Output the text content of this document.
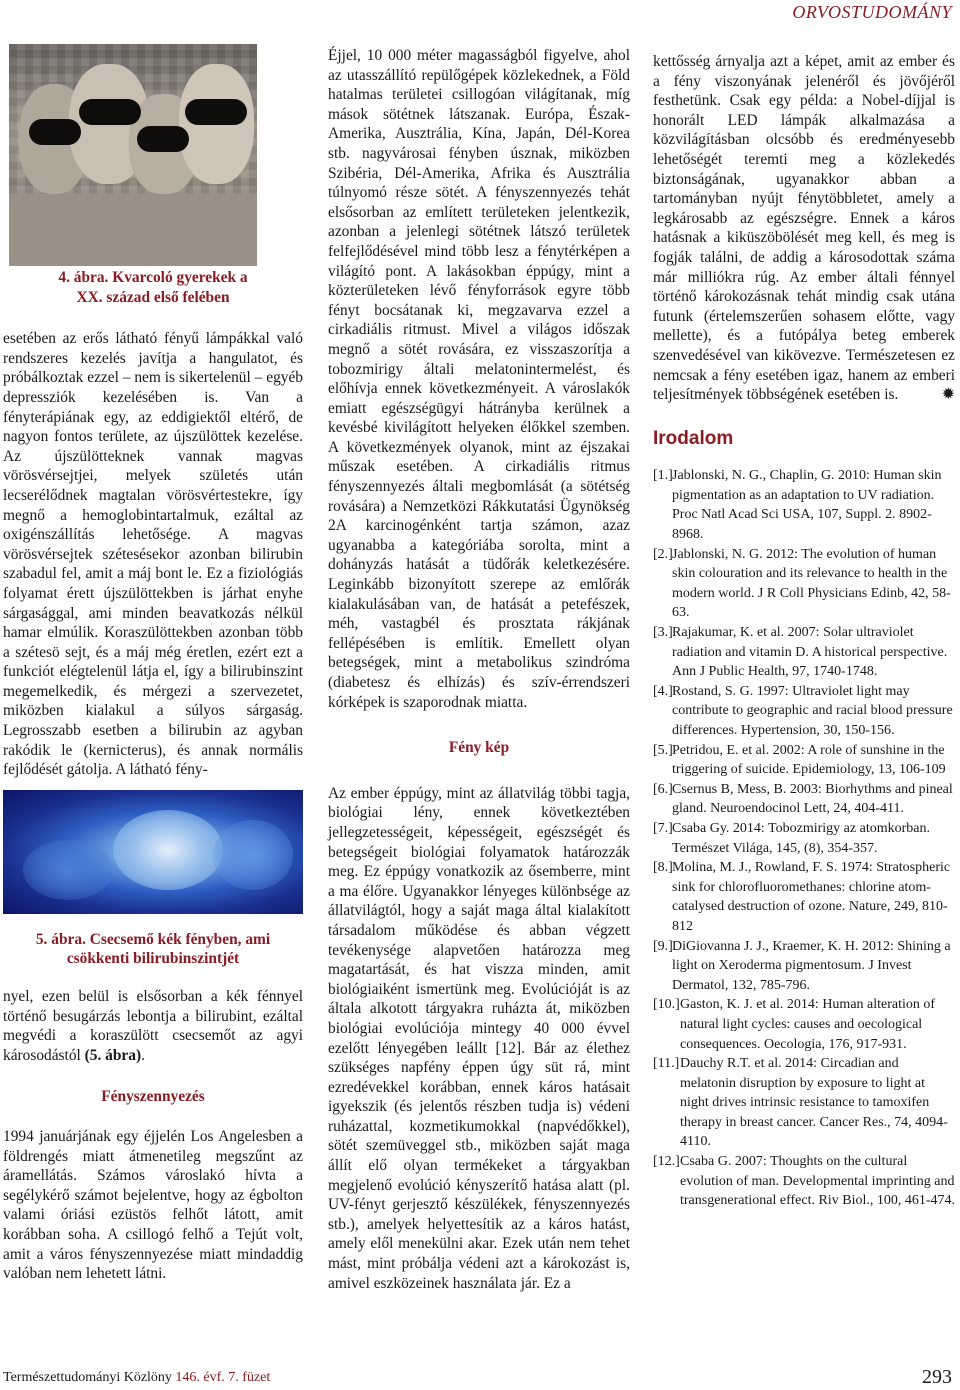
ORVOSTUDOMÁNY
4. ábra. Kvarcoló gyerekek a
XX. század első felében

esetében az erős látható fényű lámpákkal való rendszeres kezelés javítja a hangulatot, és próbálkoztak ezzel – nem is sikertelenül – egyéb depressziók kezelésében is. Van a fényterápiának egy, az eddigiektől eltérő, de nagyon fontos területe, az újszülöttek kezelése. Az újszülötteknek vannak magvas vörösvérsejtjei, melyek születés után lecserélődnek magtalan vörösvértestekre, így megnő a hemoglobintartalmuk, ezáltal az oxigénszállítás lehetősége. A magvas vörösvérsejtek szétesésekor azonban bilirubin szabadul fel, amit a máj bont le. Ez a fiziológiás folyamat érett újszülöttekben is járhat enyhe sárgasággal, ami minden beavatkozás nélkül hamar elmúlik. Koraszülöttekben azonban több a szétesö sejt, és a máj még éretlen, ezért ezt a funkciót elégtelenül látja el, így a bilirubinszint megemelkedik, és mérgezi a szervezetet, miközben kialakul a súlyos sárgaság. Legrosszabb esetben a bilirubin az agyban rakódik le (kernicterus), és annak normális fejlődését gátolja. A látható fény-

5. ábra. Csecsemő kék fényben, ami
csökkenti bilirubinszintjét

nyel, ezen belül is elsősorban a kék fénnyel történő besugárzás lebontja a bilirubint, ezáltal megvédi a koraszülött csecsemőt az agyi károsodástól (5. ábra).

Fényszennyezés

1994 januárjának egy éjjelén Los Angelesben a földrengés miatt átmenetileg megszűnt az áramellátás. Számos városlakó hívta a segélykérő számot bejelentve, hogy az égbolton valami óriási ezüstös felhőt látott, amit korábban soha. A csillogó felhő a Tejút volt, amit a város fényszennyezése miatt mindaddig valóban nem lehetett látni.

Éjjel, 10 000 méter magasságból figyelve, ahol az utasszállító repülőgépek közlekednek, a Föld hatalmas területei csillogóan világítanak, míg mások sötétnek látszanak. Európa, Észak-Amerika, Ausztrália, Kína, Japán, Dél-Korea stb. nagyvárosai fényben úsznak, miközben Szibéria, Dél-Amerika, Afrika és Ausztrália túlnyomó része sötét. A fényszennyezés tehát elsősorban az említett területeken jelentkezik, azonban a jelenlegi sötétnek látszó területek felfejlődésével mind több lesz a fénytérképen a világító pont. A lakásokban éppúgy, mint a közterületeken lévő fényforrások egyre több fényt bocsátanak ki, megzavarva ezzel a cirkadiális ritmust. Mivel a világos időszak megnő a sötét rovására, ez visszaszorítja a tobozmirigy általi melatonintermelést, és előhívja ennek következményeit. A városlakók emiatt egészségügyi hátrányba kerülnek a kevésbé kivilágított helyeken élőkkel szemben. A következmények olyanok, mint az éjszakai műszak esetében. A cirkadiális ritmus fényszennyezés általi megbomlását (a sötétség rovására) a Nemzetközi Rákkutatási Ügynökség 2A karcinogénként tartja számon, azaz ugyanabba a kategóriába sorolta, mint a dohányzás hatását a tüdőrák keletkezésére. Leginkább bizonyított szerepe az emlőrák kialakulásában van, de hatását a petefészek, méh, vastagbél és prosztata rákjának fellépésében is említik. Emellett olyan betegségek, mint a metabolikus szindróma (diabetesz és elhízás) és szív-érrendszeri kórképek is szaporodnak miatta.

Fény kép

Az ember éppúgy, mint az állatvilág többi tagja, biológiai lény, ennek következtében jellegzetességeit, képességeit, egészségét és betegségeit biológiai folyamatok határozzák meg. Ez éppúgy vonatkozik az ősemberre, mint a ma élőre. Ugyanakkor lényeges különbsége az állatvilágtól, hogy a saját maga által kialakított társadalom működése és abban végzett tevékenysége alapvetően határozza meg magatartását, és hat viszza minden, amit biológiaiként ismertünk meg. Evolúcióját is az általa alkotott tárgyakra ruházta át, miközben biológiai evolúciója mintegy 40 000 évvel ezelőtt lényegében leállt [12]. Bár az élethez szükséges napfény éppen úgy süt rá, mint ezredévekkel korábban, ennek káros hatásait igyekszik (és jelentős részben tudja is) védeni ruházattal, kozmetikumokkal (napvédőkkel), sötét szemüveggel stb., miközben saját maga állít elő olyan termékeket a tárgyakban megjelenő evolúció kényszerítő hatása alatt (pl. UV-fényt gerjesztő készülékek, fényszennyezés stb.), amelyek helyettesítik az a káros hatást, amely elől menekülni akar. Ezek után nem tehet mást, mint próbálja védeni azt a károkozást is, amivel eszközeinek használata jár. Ez a

kettősség árnyalja azt a képet, amit az ember és a fény viszonyának jelenéről és jövőjéről festhetünk. Csak egy példa: a Nobel-díjjal is honorált LED lámpák alkalmazása a közvilágításban olcsóbb és eredményesebb lehetőségét teremti meg a közlekedés biztonságának, ugyanakkor abban a tartományban nyújt fénytöbbletet, amely a legkárosabb az egészségre. Ennek a káros hatásnak a kiküszöbölését meg kell, és meg is fogják találni, de addig a károsodottak száma már milliókra rúg. Az ember általi fénnyel történő károkozásnak tehát mindig csak utána futunk (értelemszerűen sohasem előtte, vagy mellette), és a futópálya beteg emberek szenvedésével van kikövezve. Természetesen ez nemcsak a fény esetében igaz, hanem az emberi teljesítmények többségének esetében is.	✹

Irodalom
[1.] Jablonski, N. G., Chaplin, G. 2010: Human skin pigmentation as an adaptation to UV radiation. Proc Natl Acad Sci USA, 107, Suppl. 2. 8902-8968.
[2.] Jablonski, N. G. 2012: The evolution of human skin colouration and its relevance to health in the modern world. J R Coll Physicians Edinb, 42, 58-63.
[3.] Rajakumar, K. et al. 2007: Solar ultraviolet radiation and vitamin D. A historical perspective. Ann J Public Health, 97, 1740-1748.
[4.] Rostand, S. G. 1997: Ultraviolet light may contribute to geographic and racial blood pressure differences. Hypertension, 30, 150-156.
[5.] Petridou, E. et al. 2002: A role of sunshine in the triggering of suicide. Epidemiology, 13, 106-109
[6.] Csernus B, Mess, B. 2003: Biorhythms and pineal gland. Neuroendocinol Lett, 24, 404-411.
[7.] Csaba Gy. 2014: Tobozmirigy az atomkorban. Természet Világa, 145, (8), 354-357.
[8.] Molina, M. J., Rowland, F. S. 1974: Stratospheric sink for chlorofluoromethanes: chlorine atom-catalysed destruction of ozone. Nature, 249, 810-812
[9.] DiGiovanna J. J., Kraemer, K. H. 2012: Shining a light on Xeroderma pigmentosum. J Invest Dermatol, 132, 785-796.
[10.] Gaston, K. J. et al. 2014: Human alteration of natural light cycles: causes and oecological consequences. Oecologia, 176, 917-931.
[11.] Dauchy R.T. et al. 2014: Circadian and melatonin disruption by exposure to light at night drives intrinsic resistance to tamoxifen therapy in breast cancer. Cancer Res., 74, 4094-4110.
[12.] Csaba G. 2007: Thoughts on the cultural evolution of man. Developmental imprinting and transgenerational effect. Riv Biol., 100, 461-474.
Természettudományi Közlöny 146. évf. 7. füzet	293
